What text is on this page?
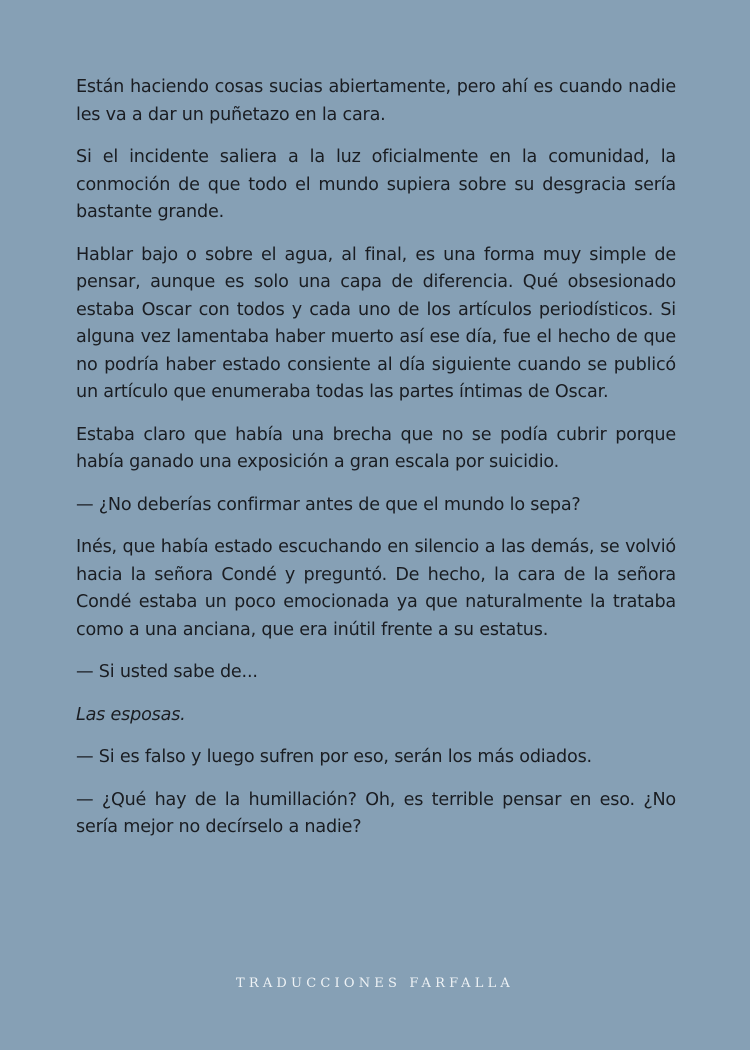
Están haciendo cosas sucias abiertamente, pero ahí es cuando nadie les va a dar un puñetazo en la cara.

Si el incidente saliera a la luz oficialmente en la comunidad, la conmoción de que todo el mundo supiera sobre su desgracia sería bastante grande.

Hablar bajo o sobre el agua, al final, es una forma muy simple de pensar, aunque es solo una capa de diferencia. Qué obsesionado estaba Oscar con todos y cada uno de los artículos periodísticos. Si alguna vez lamentaba haber muerto así ese día, fue el hecho de que no podría haber estado consiente al día siguiente cuando se publicó un artículo que enumeraba todas las partes íntimas de Oscar.

Estaba claro que había una brecha que no se podía cubrir porque había ganado una exposición a gran escala por suicidio.

— ¿No deberías confirmar antes de que el mundo lo sepa?

Inés, que había estado escuchando en silencio a las demás, se volvió hacia la señora Condé y preguntó. De hecho, la cara de la señora Condé estaba un poco emocionada ya que naturalmente la trataba como a una anciana, que era inútil frente a su estatus.

— Si usted sabe de...

Las esposas.

— Si es falso y luego sufren por eso, serán los más odiados.

— ¿Qué hay de la humillación? Oh, es terrible pensar en eso. ¿No sería mejor no decírselo a nadie?

TRADUCCIONES FARFALLA
